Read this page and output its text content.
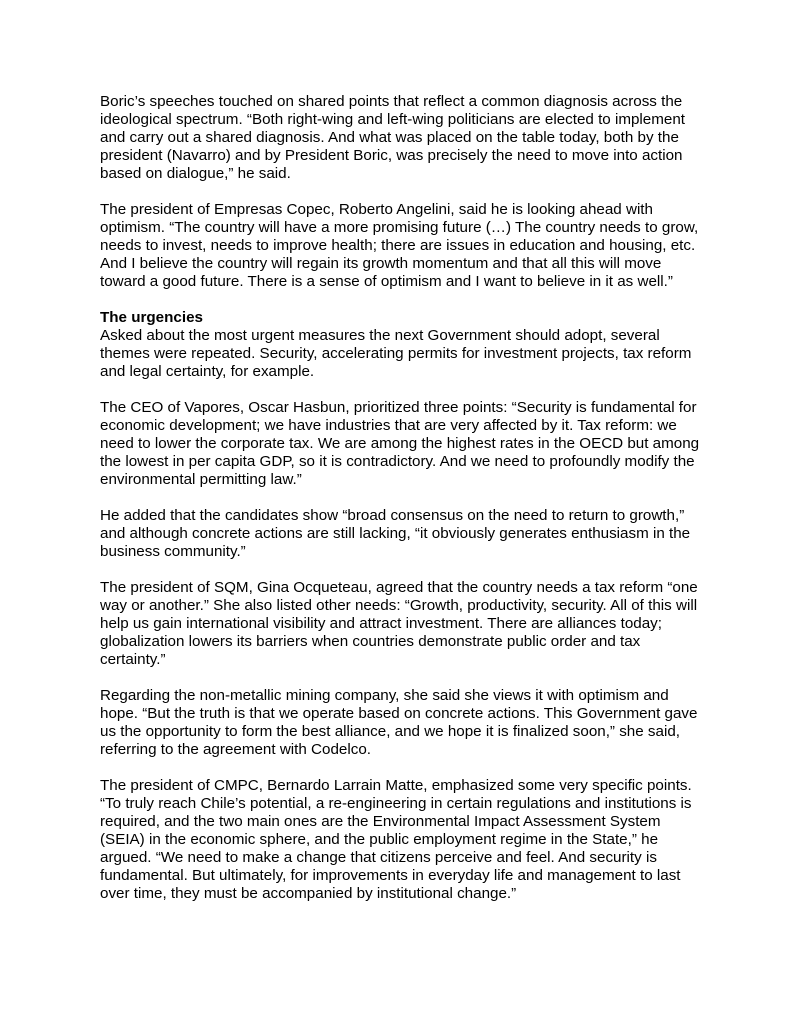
Boric’s speeches touched on shared points that reflect a common diagnosis across the ideological spectrum. “Both right-wing and left-wing politicians are elected to implement and carry out a shared diagnosis. And what was placed on the table today, both by the president (Navarro) and by President Boric, was precisely the need to move into action based on dialogue,” he said.

The president of Empresas Copec, Roberto Angelini, said he is looking ahead with optimism. “The country will have a more promising future (…) The country needs to grow, needs to invest, needs to improve health; there are issues in education and housing, etc. And I believe the country will regain its growth momentum and that all this will move toward a good future. There is a sense of optimism and I want to believe in it as well.”

The urgencies

Asked about the most urgent measures the next Government should adopt, several themes were repeated. Security, accelerating permits for investment projects, tax reform and legal certainty, for example.

The CEO of Vapores, Oscar Hasbun, prioritized three points: “Security is fundamental for economic development; we have industries that are very affected by it. Tax reform: we need to lower the corporate tax. We are among the highest rates in the OECD but among the lowest in per capita GDP, so it is contradictory. And we need to profoundly modify the environmental permitting law.”

He added that the candidates show “broad consensus on the need to return to growth,” and although concrete actions are still lacking, “it obviously generates enthusiasm in the business community.”

The president of SQM, Gina Ocqueteau, agreed that the country needs a tax reform “one way or another.” She also listed other needs: “Growth, productivity, security. All of this will help us gain international visibility and attract investment. There are alliances today; globalization lowers its barriers when countries demonstrate public order and tax certainty.”

Regarding the non-metallic mining company, she said she views it with optimism and hope. “But the truth is that we operate based on concrete actions. This Government gave us the opportunity to form the best alliance, and we hope it is finalized soon,” she said, referring to the agreement with Codelco.

The president of CMPC, Bernardo Larrain Matte, emphasized some very specific points. “To truly reach Chile’s potential, a re-engineering in certain regulations and institutions is required, and the two main ones are the Environmental Impact Assessment System (SEIA) in the economic sphere, and the public employment regime in the State,” he argued. “We need to make a change that citizens perceive and feel. And security is fundamental. But ultimately, for improvements in everyday life and management to last over time, they must be accompanied by institutional change.”
